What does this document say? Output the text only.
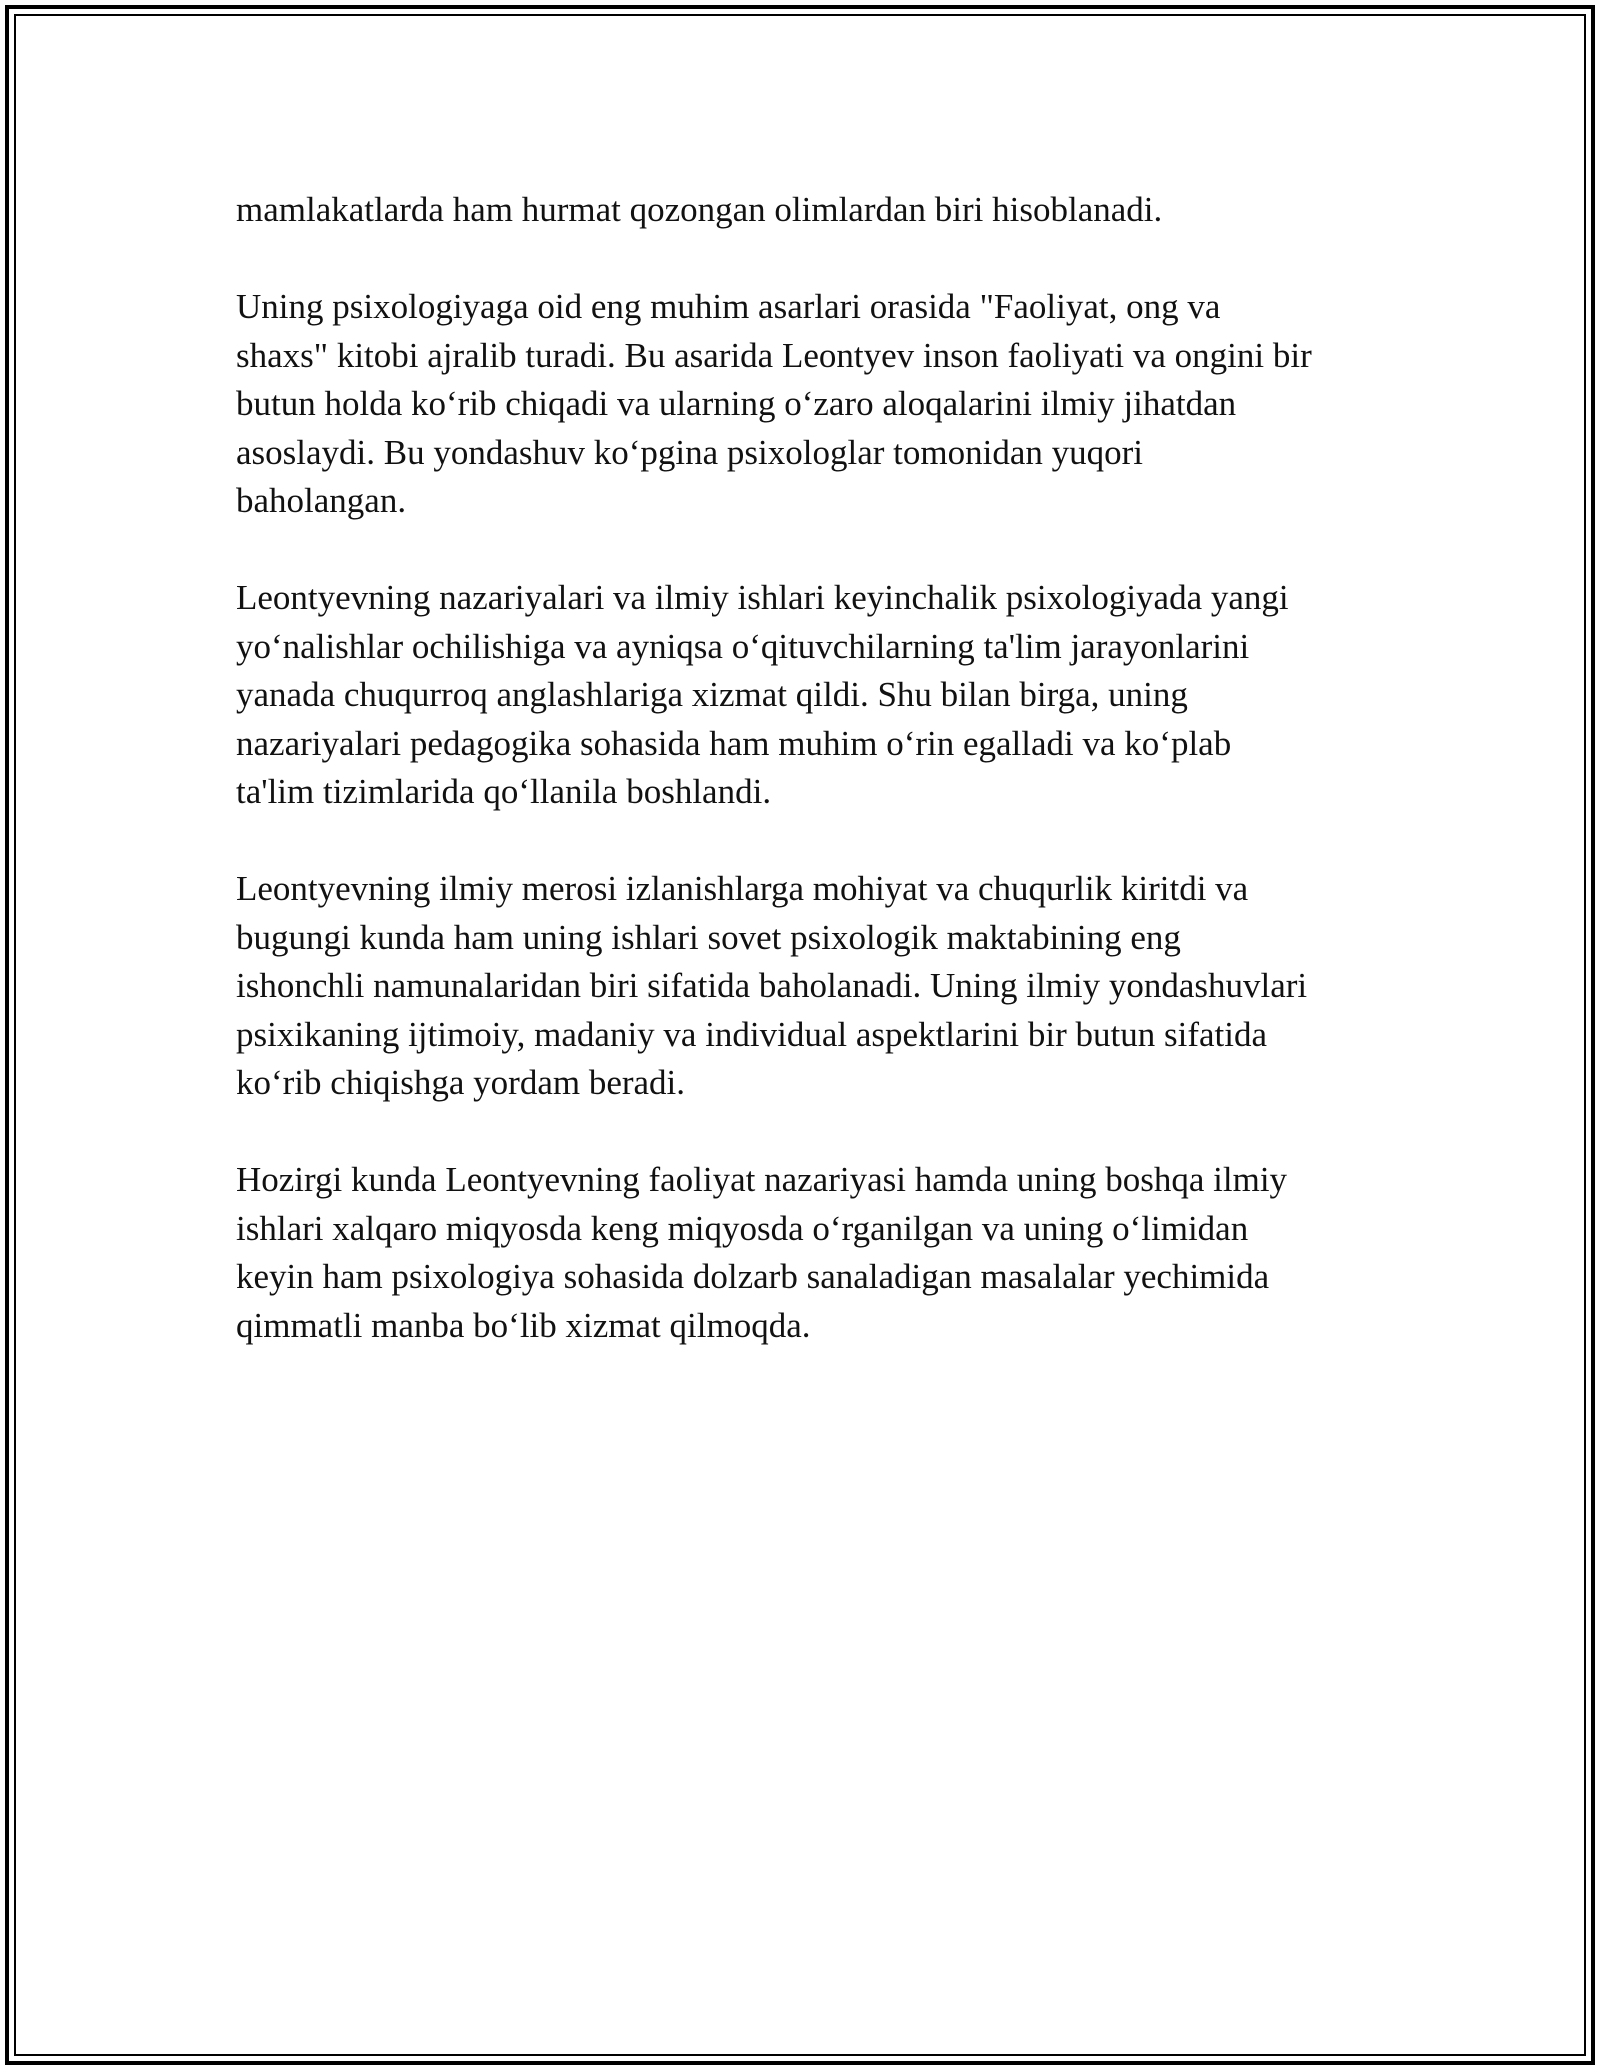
mamlakatlarda ham hurmat qozongan olimlardan biri hisoblanadi.

Uning psixologiyaga oid eng muhim asarlari orasida "Faoliyat, ong va
shaxs" kitobi ajralib turadi. Bu asarida Leontyev inson faoliyati va ongini bir
butun holda ko‘rib chiqadi va ularning o‘zaro aloqalarini ilmiy jihatdan
asoslaydi. Bu yondashuv ko‘pgina psixologlar tomonidan yuqori
baholangan.

Leontyevning nazariyalari va ilmiy ishlari keyinchalik psixologiyada yangi
yo‘nalishlar ochilishiga va ayniqsa o‘qituvchilarning ta'lim jarayonlarini
yanada chuqurroq anglashlariga xizmat qildi. Shu bilan birga, uning
nazariyalari pedagogika sohasida ham muhim o‘rin egalladi va ko‘plab
ta'lim tizimlarida qo‘llanila boshlandi.

Leontyevning ilmiy merosi izlanishlarga mohiyat va chuqurlik kiritdi va
bugungi kunda ham uning ishlari sovet psixologik maktabining eng
ishonchli namunalaridan biri sifatida baholanadi. Uning ilmiy yondashuvlari
psixikaning ijtimoiy, madaniy va individual aspektlarini bir butun sifatida
ko‘rib chiqishga yordam beradi.

Hozirgi kunda Leontyevning faoliyat nazariyasi hamda uning boshqa ilmiy
ishlari xalqaro miqyosda keng miqyosda o‘rganilgan va uning o‘limidan
keyin ham psixologiya sohasida dolzarb sanaladigan masalalar yechimida
qimmatli manba bo‘lib xizmat qilmoqda.
